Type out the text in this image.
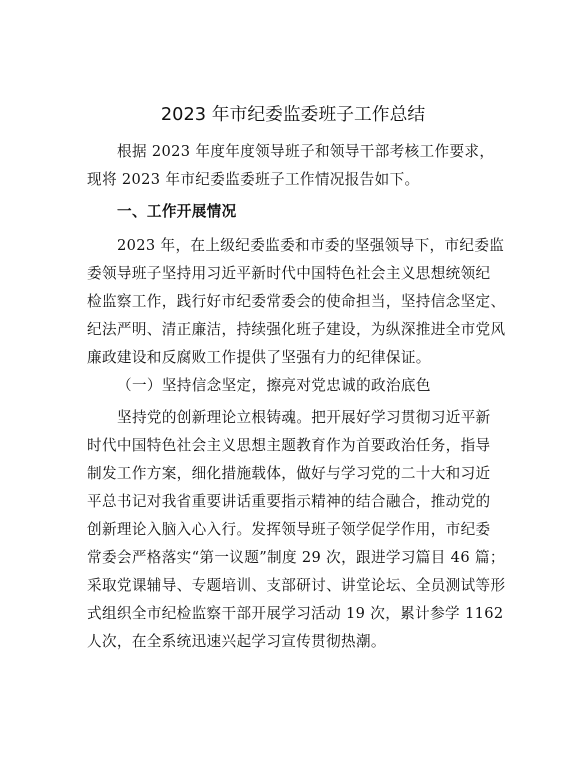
2023 年市纪委监委班子工作总结
根据 2023 年度年度领导班子和领导干部考核工作要求，
现将 2023 年市纪委监委班子工作情况报告如下。
一、工作开展情况
2023 年，在上级纪委监委和市委的坚强领导下，市纪委监
委领导班子坚持用习近平新时代中国特色社会主义思想统领纪
检监察工作，践行好市纪委常委会的使命担当，坚持信念坚定、
纪法严明、清正廉洁，持续强化班子建设，为纵深推进全市党风
廉政建设和反腐败工作提供了坚强有力的纪律保证。
（一）坚持信念坚定，擦亮对党忠诚的政治底色
坚持党的创新理论立根铸魂。把开展好学习贯彻习近平新
时代中国特色社会主义思想主题教育作为首要政治任务，指导
制发工作方案，细化措施载体，做好与学习党的二十大和习近
平总书记对我省重要讲话重要指示精神的结合融合，推动党的
创新理论入脑入心入行。发挥领导班子领学促学作用，市纪委
常委会严格落实“第一议题”制度 29 次，跟进学习篇目 46 篇；
采取党课辅导、专题培训、支部研讨、讲堂论坛、全员测试等形
式组织全市纪检监察干部开展学习活动 19 次，累计参学 1162
人次，在全系统迅速兴起学习宣传贯彻热潮。
